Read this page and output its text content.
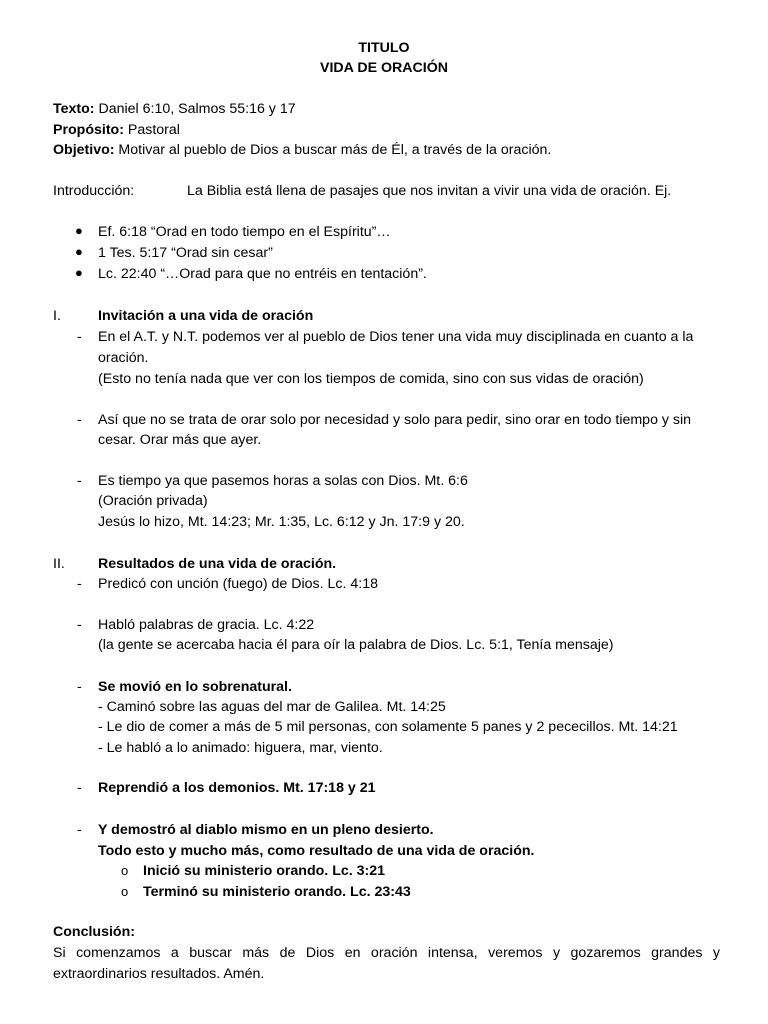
TITULO
VIDA DE ORACIÓN
Texto: Daniel 6:10, Salmos 55:16 y 17
Propósito: Pastoral
Objetivo: Motivar al pueblo de Dios a buscar más de Él, a través de la oración.
Introducción:	La Biblia está llena de pasajes que nos invitan a vivir una vida de oración. Ej.
● Ef. 6:18 “Orad en todo tiempo en el Espíritu”…
● 1 Tes. 5:17 “Orad sin cesar”
● Lc. 22:40 “…Orad para que no entréis en tentación”.
I.	Invitación a una vida de oración
- En el A.T. y N.T. podemos ver al pueblo de Dios tener una vida muy disciplinada en cuanto a la
oración.
(Esto no tenía nada que ver con los tiempos de comida, sino con sus vidas de oración)
- Así que no se trata de orar solo por necesidad y solo para pedir, sino orar en todo tiempo y sin
cesar. Orar más que ayer.
- Es tiempo ya que pasemos horas a solas con Dios. Mt. 6:6
(Oración privada)
Jesús lo hizo, Mt. 14:23; Mr. 1:35, Lc. 6:12 y Jn. 17:9 y 20.
II. Resultados de una vida de oración.
- Predicó con unción (fuego) de Dios. Lc. 4:18
- Habló palabras de gracia. Lc. 4:22
(la gente se acercaba hacia él para oír la palabra de Dios. Lc. 5:1, Tenía mensaje)
- Se movió en lo sobrenatural.
- Caminó sobre las aguas del mar de Galilea. Mt. 14:25
- Le dio de comer a más de 5 mil personas, con solamente 5 panes y 2 pececillos. Mt. 14:21
- Le habló a lo animado: higuera, mar, viento.
- Reprendió a los demonios. Mt. 17:18 y 21
- Y demostró al diablo mismo en un pleno desierto.
Todo esto y mucho más, como resultado de una vida de oración.
o Inició su ministerio orando. Lc. 3:21
o Terminó su ministerio orando. Lc. 23:43
Conclusión:
Si comenzamos a buscar más de Dios en oración intensa, veremos y gozaremos grandes y
extraordinarios resultados. Amén.
